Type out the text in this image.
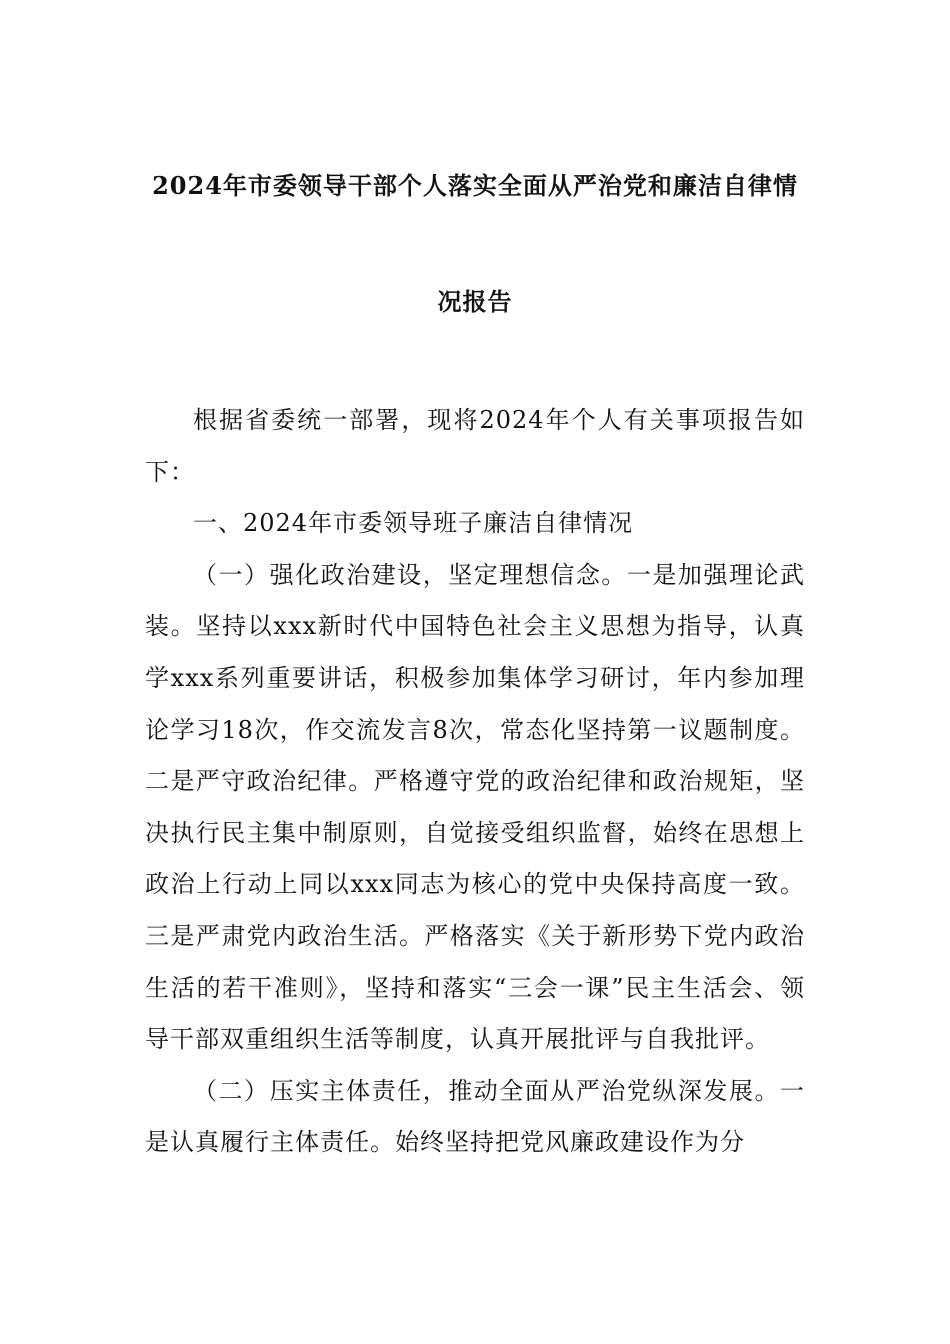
2024年市委领导干部个人落实全面从严治党和廉洁自律情
况报告

根据省委统一部署，现将2024年个人有关事项报告如下：

一、2024年市委领导班子廉洁自律情况

（一）强化政治建设，坚定理想信念。一是加强理论武装。坚持以xxx新时代中国特色社会主义思想为指导，认真学xxx系列重要讲话，积极参加集体学习研讨，年内参加理论学习18次，作交流发言8次，常态化坚持第一议题制度。二是严守政治纪律。严格遵守党的政治纪律和政治规矩，坚决执行民主集中制原则，自觉接受组织监督，始终在思想上政治上行动上同以xxx同志为核心的党中央保持高度一致。三是严肃党内政治生活。严格落实《关于新形势下党内政治生活的若干准则》，坚持和落实“三会一课”民主生活会、领导干部双重组织生活等制度，认真开展批评与自我批评。

（二）压实主体责任，推动全面从严治党纵深发展。一是认真履行主体责任。始终坚持把党风廉政建设作为分
